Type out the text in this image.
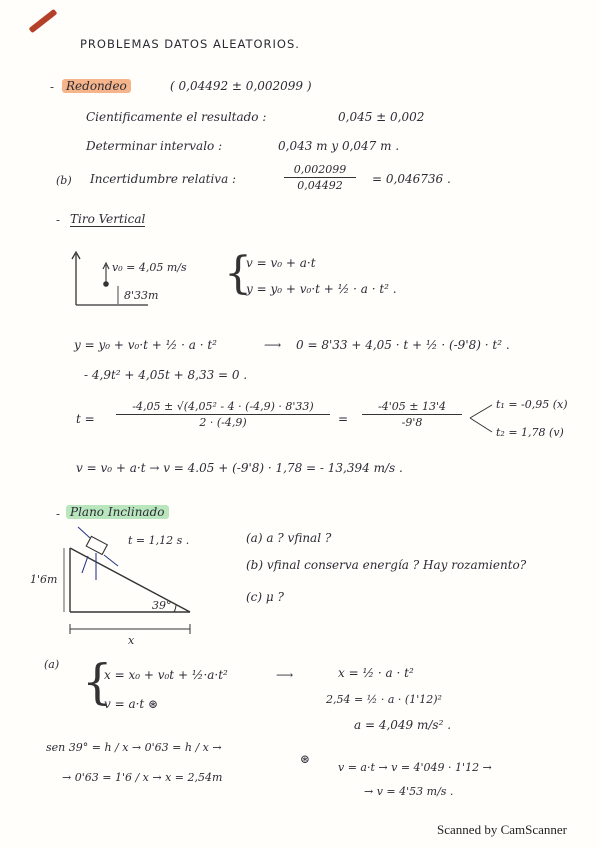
PROBLEMAS DATOS ALEATORIOS.
- Redondeo	( 0,04492 ± 0,002099 )
Cientificamente el resultado :	0,045 ± 0,002
Determinar intervalo :	0,043 m y 0,047 m .
(b) Incertidumbre relativa :
0,002099
0,04492	= 0,046736 .
- Tiro Vertical
v₀ = 4,05 m/s
8'33m {
v = v₀ + a·t
y = y₀ + v₀·t + ½ · a · t² .
y = y₀ + v₀·t + ½ · a · t²	⟶ 0 = 8'33 + 4,05 · t + ½ · (-9'8) · t² .
- 4,9t² + 4,05t + 8,33 = 0 .
t =
-4,05 ± √(4,05² - 4 · (-4,9) · 8'33)
2 · (-4,9)	=
-4'05 ± 13'4
-9'8
t₁ = -0,95 (x)
t₂ = 1,78 (v)
v = v₀ + a·t → v = 4.05 + (-9'8) · 1,78 = - 13,394 m/s .
- Plano Inclinado
t = 1,12 s .
1'6m
39°
x
(a) a ? vfinal ?
(b) vfinal conserva energía ? Hay rozamiento?
(c) μ ?
(a) {
x = x₀ + v₀t + ½·a·t²
v = a·t ⊛
⟶	x = ½ · a · t²
2,54 = ½ · a · (1'12)²
a = 4,049 m/s² .
sen 39° = h / x → 0'63 = h / x →
→ 0'63 = 1'6 / x → x = 2,54m
⊛
v = a·t → v = 4'049 · 1'12 →
→ v = 4'53 m/s .
Scanned by CamScanner
